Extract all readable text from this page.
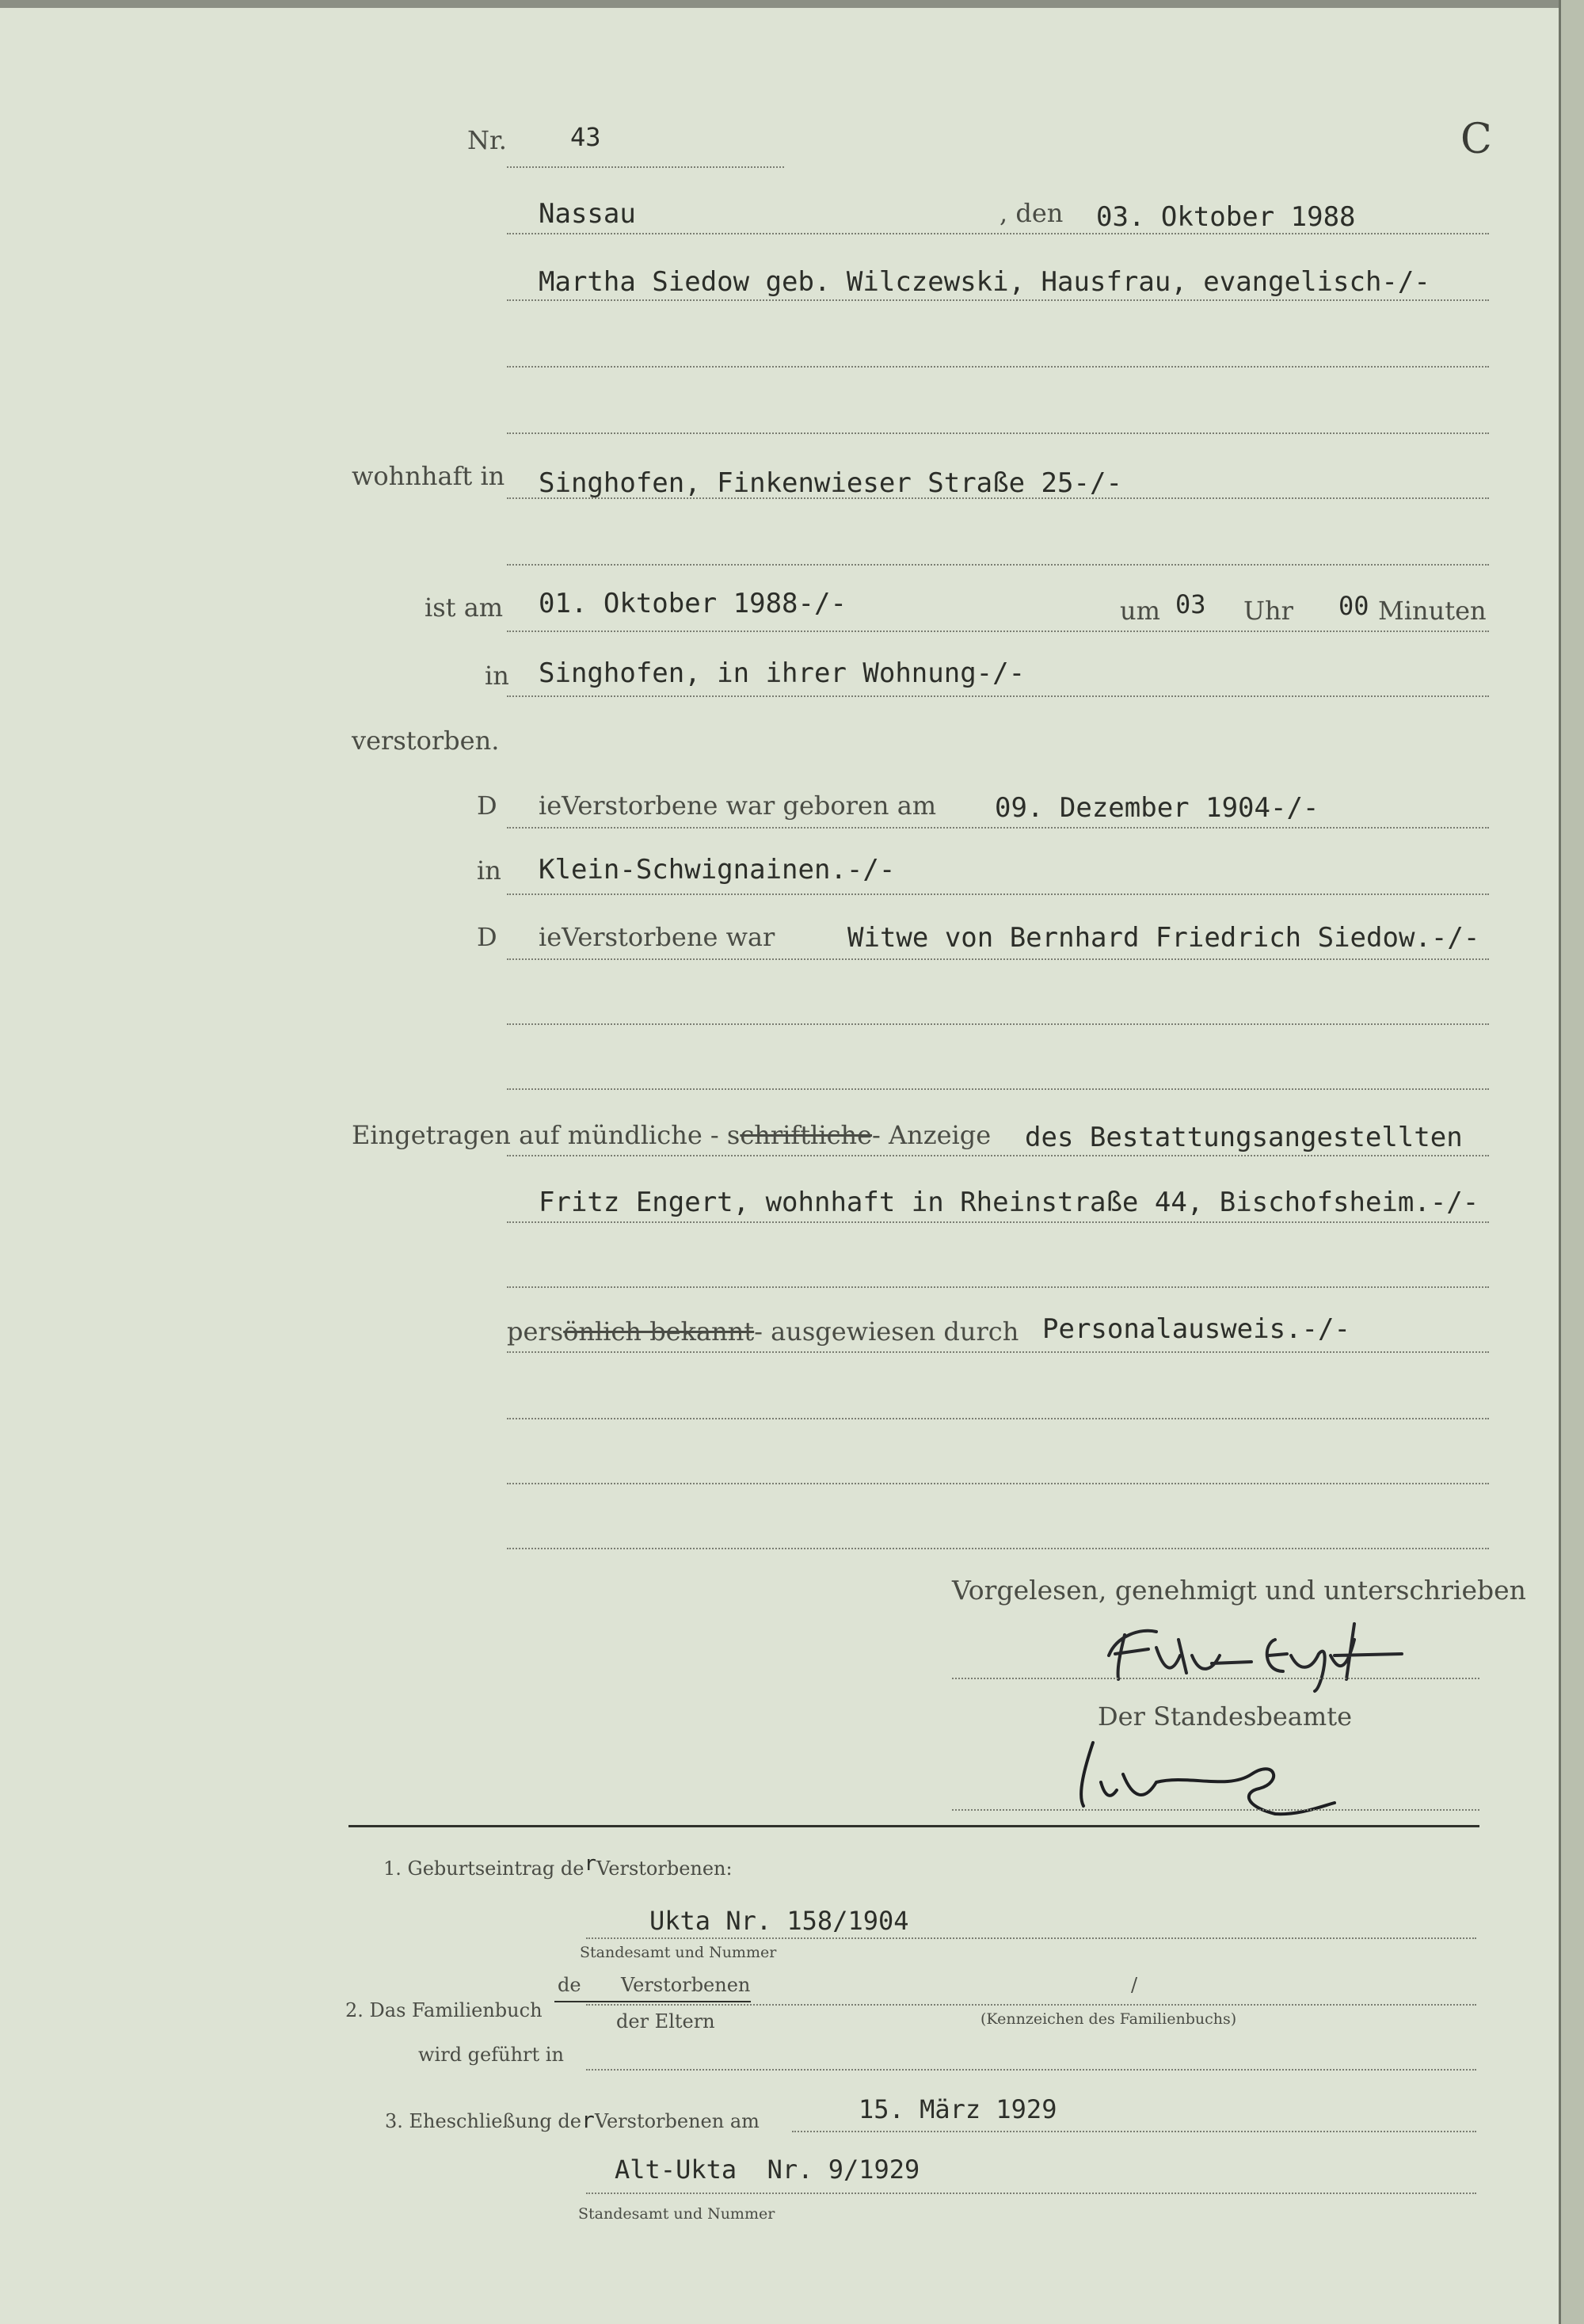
Nr.	43	C
Nassau	, den 03. Oktober 1988
Martha Siedow geb. Wilczewski, Hausfrau, evangelisch-/-
wohnhaft in Singhofen, Finkenwieser Straße 25-/-
ist am 01. Oktober 1988-/-	um 03 Uhr 00 Minuten
in Singhofen, in ihrer Wohnung-/-
verstorben.
D ieVerstorbene war geboren am 09. Dezember 1904-/-
in Klein-Schwignainen.-/-
D ieVerstorbene war	Witwe von Bernhard Friedrich Siedow.-/-
Eingetragen auf mündliche - schriftliche- Anzeige des Bestattungsangestellten
Fritz Engert, wohnhaft in Rheinstraße 44, Bischofsheim.-/-
persönlich bekannt- ausgewiesen durch Personalausweis.-/-
Vorgelesen, genehmigt und unterschrieben
Der Standesbeamte
1. Geburtseintrag derVerstorbenen:
Ukta Nr. 158/1904
Standesamt und Nummer
de Verstorbenen
2. Das Familienbuch	der Eltern
/
(Kennzeichen des Familienbuchs)
wird geführt in
3. Eheschließung derVerstorbenen am	15. März 1929
Alt-Ukta  Nr. 9/1929
Standesamt und Nummer
